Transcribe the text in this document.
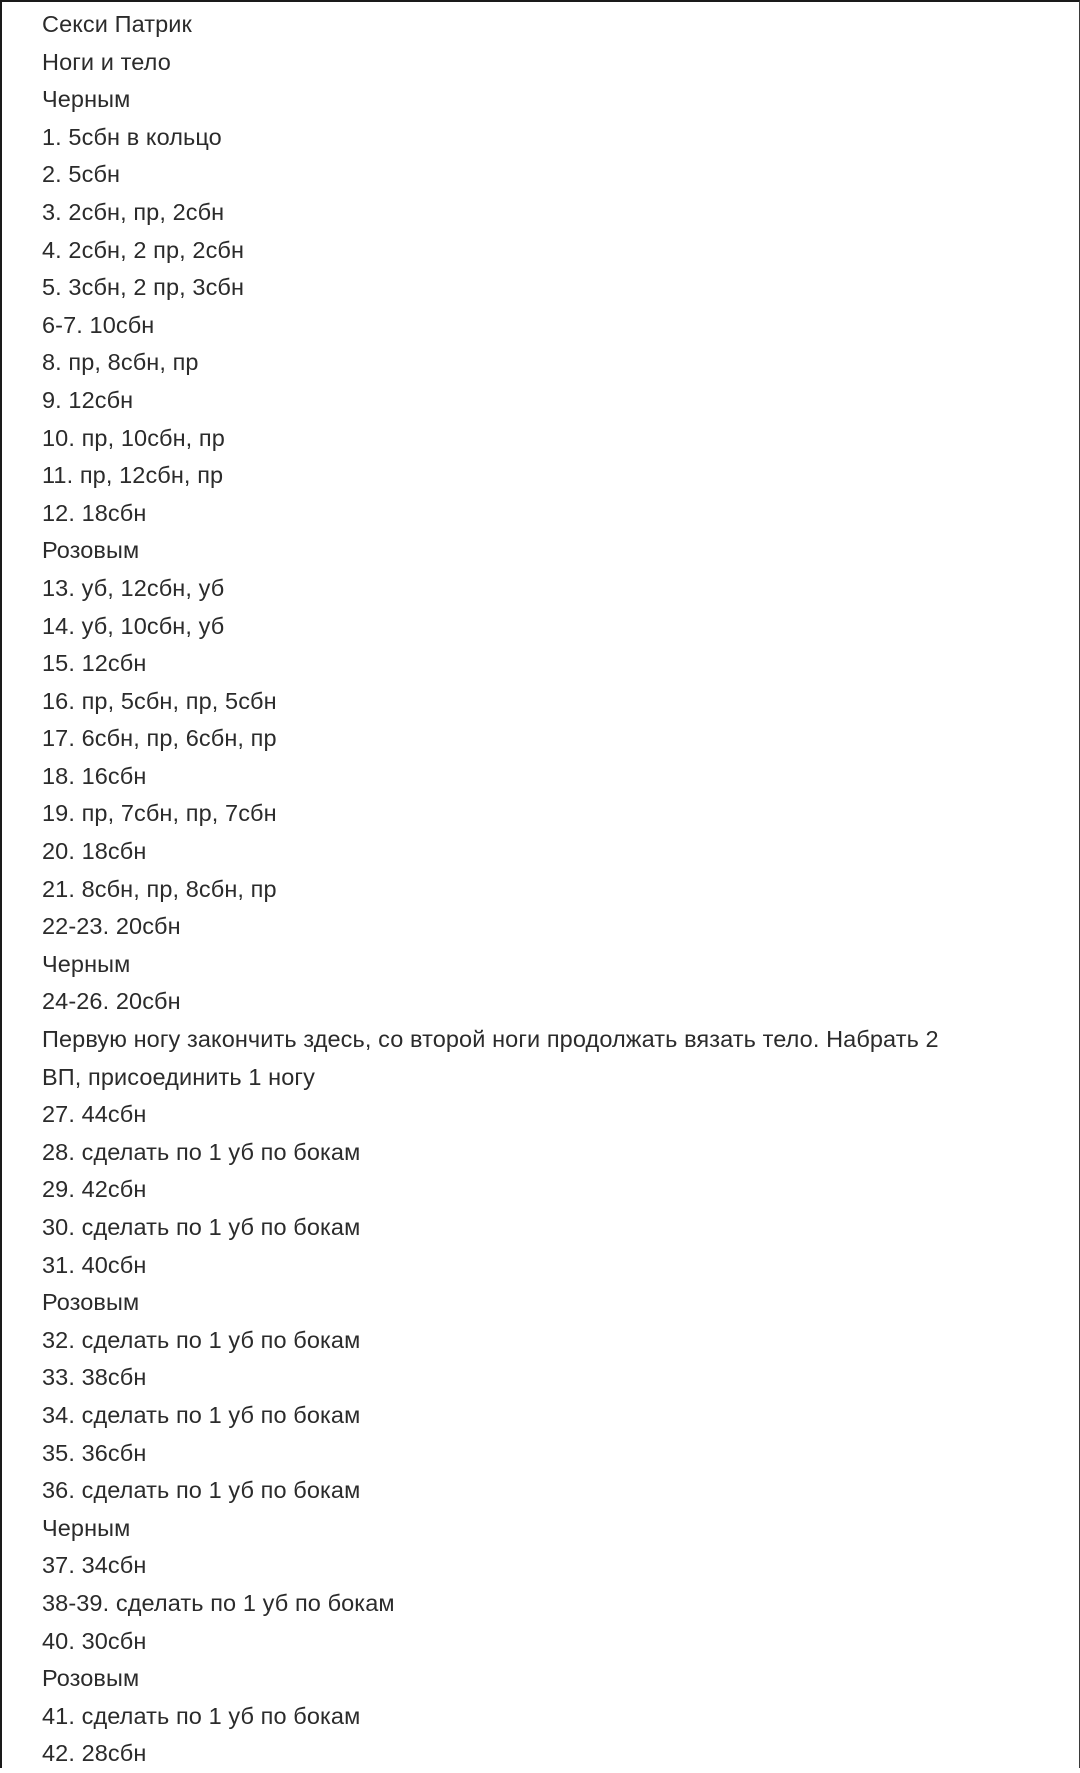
Секси Патрик
Ноги и тело
Черным
1. 5сбн в кольцо
2. 5сбн
3. 2сбн, пр, 2сбн
4. 2сбн, 2 пр, 2сбн
5. 3сбн, 2 пр, 3сбн
6-7. 10сбн
8. пр, 8сбн, пр
9. 12сбн
10. пр, 10сбн, пр
11. пр, 12сбн, пр
12. 18сбн
Розовым
13. уб, 12сбн, уб
14. уб, 10сбн, уб
15. 12сбн
16. пр, 5сбн, пр, 5сбн
17. 6сбн, пр, 6сбн, пр
18. 16сбн
19. пр, 7сбн, пр, 7сбн
20. 18сбн
21. 8сбн, пр, 8сбн, пр
22-23. 20сбн
Черным
24-26. 20сбн
Первую ногу закончить здесь, со второй ноги продолжать вязать тело. Набрать 2
ВП, присоединить 1 ногу
27. 44сбн
28. сделать по 1 уб по бокам
29. 42сбн
30. сделать по 1 уб по бокам
31. 40сбн
Розовым
32. сделать по 1 уб по бокам
33. 38сбн
34. сделать по 1 уб по бокам
35. 36сбн
36. сделать по 1 уб по бокам
Черным
37. 34сбн
38-39. сделать по 1 уб по бокам
40. 30сбн
Розовым
41. сделать по 1 уб по бокам
42. 28сбн
